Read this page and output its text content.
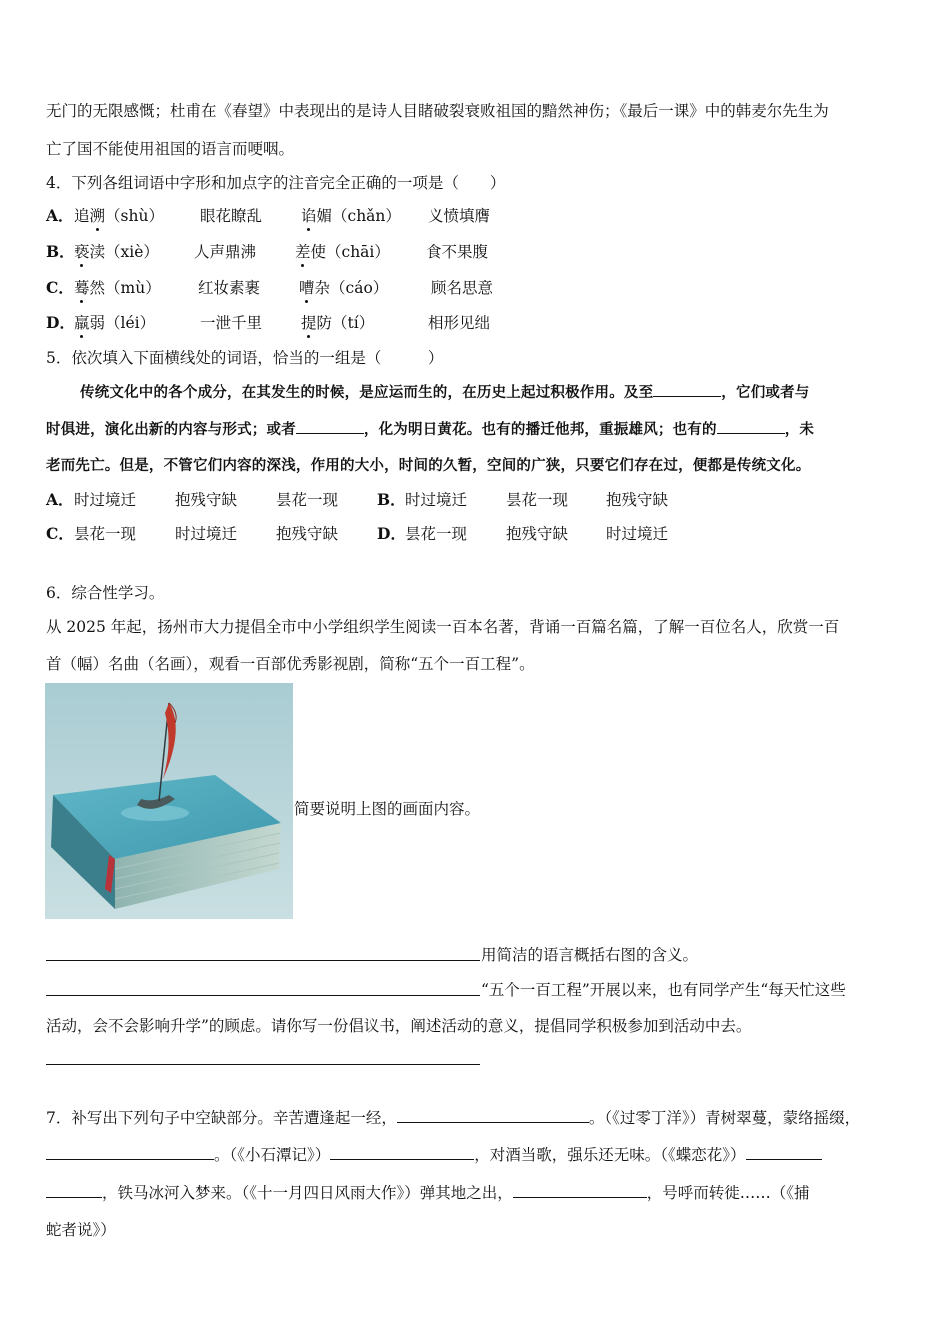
无门的无限感慨；杜甫在《春望》中表现出的是诗人目睹破裂衰败祖国的黯然神伤；《最后一课》中的韩麦尔先生为
亡了国不能使用祖国的语言而哽咽。
4．下列各组词语中字形和加点字的注音完全正确的一项是（　　）
A． 追溯（shù） 眼花瞭乱	谄媚（chǎn） 义愤填膺
B． 亵渎（xiè） 人声鼎沸	差使（chāi） 食不果腹
C． 蓦然（mù） 红妆素裹	嘈杂（cáo）	顾名思意
D． 羸弱（léi）	一泄千里	提防（tí）	相形见绌
5．依次填入下面横线处的词语，恰当的一组是（　　　）
传统文化中的各个成分，在其发生的时候，是应运而生的，在历史上起过积极作用。及至	，它们或者与
时俱进，演化出新的内容与形式；或者	，化为明日黄花。也有的播迁他邦，重振雄风；也有的	，未
老而先亡。但是，不管它们内容的深浅，作用的大小，时间的久暂，空间的广狭，只要它们存在过，便都是传统文化。
A． 时过境迁	抱残守缺	昙花一现	B． 时过境迁	昙花一现 抱残守缺
C． 昙花一现	时过境迁	抱残守缺	D． 昙花一现	抱残守缺 时过境迁
6．综合性学习。
从 2025 年起，扬州市大力提倡全市中小学组织学生阅读一百本名著，背诵一百篇名篇，了解一百位名人，欣赏一百
首（幅）名曲（名画），观看一百部优秀影视剧，简称“五个一百工程”。
简要说明上图的画面内容。
用简洁的语言概括右图的含义。
“五个一百工程”开展以来，也有同学产生“每天忙这些
活动，会不会影响升学”的顾虑。请你写一份倡议书，阐述活动的意义，提倡同学积极参加到活动中去。
7．补写出下列句子中空缺部分。辛苦遭逢起一经，	。（《过零丁洋》）青树翠蔓，蒙络摇缀，
。（《小石潭记》）	，对酒当歌，强乐还无味。（《蝶恋花》）
，铁马冰河入梦来。（《十一月四日风雨大作》）弹其地之出，	，号呼而转徙……（《捕
蛇者说》）
